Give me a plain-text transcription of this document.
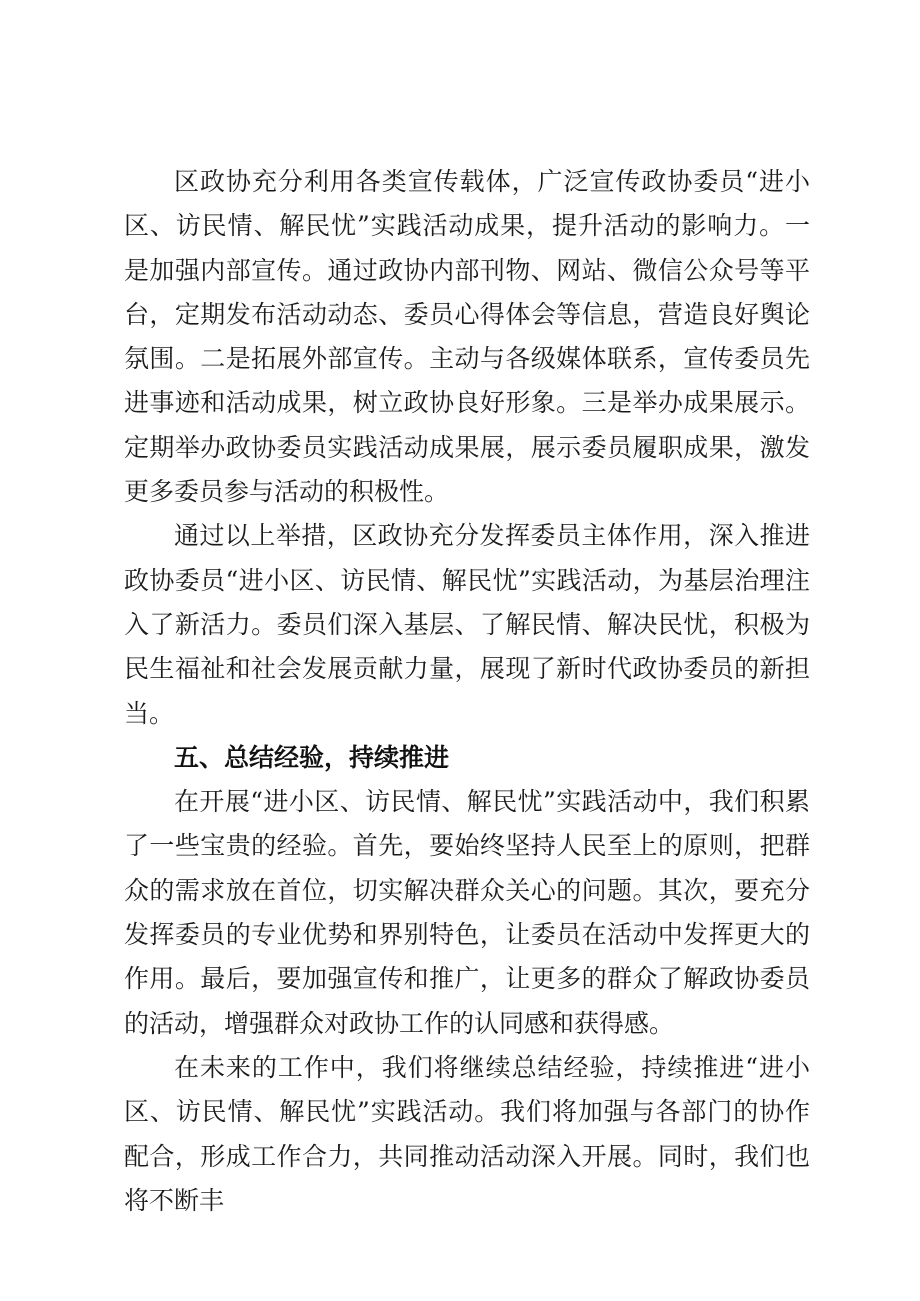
区政协充分利用各类宣传载体，广泛宣传政协委员“进小区、访民情、解民忧”实践活动成果，提升活动的影响力。一是加强内部宣传。通过政协内部刊物、网站、微信公众号等平台，定期发布活动动态、委员心得体会等信息，营造良好舆论氛围。二是拓展外部宣传。主动与各级媒体联系，宣传委员先进事迹和活动成果，树立政协良好形象。三是举办成果展示。定期举办政协委员实践活动成果展，展示委员履职成果，激发更多委员参与活动的积极性。

通过以上举措，区政协充分发挥委员主体作用，深入推进政协委员“进小区、访民情、解民忧”实践活动，为基层治理注入了新活力。委员们深入基层、了解民情、解决民忧，积极为民生福祉和社会发展贡献力量，展现了新时代政协委员的新担当。

五、总结经验，持续推进

在开展“进小区、访民情、解民忧”实践活动中，我们积累了一些宝贵的经验。首先，要始终坚持人民至上的原则，把群众的需求放在首位，切实解决群众关心的问题。其次，要充分发挥委员的专业优势和界别特色，让委员在活动中发挥更大的作用。最后，要加强宣传和推广，让更多的群众了解政协委员的活动，增强群众对政协工作的认同感和获得感。

在未来的工作中，我们将继续总结经验，持续推进“进小区、访民情、解民忧”实践活动。我们将加强与各部门的协作配合，形成工作合力，共同推动活动深入开展。同时，我们也将不断丰
